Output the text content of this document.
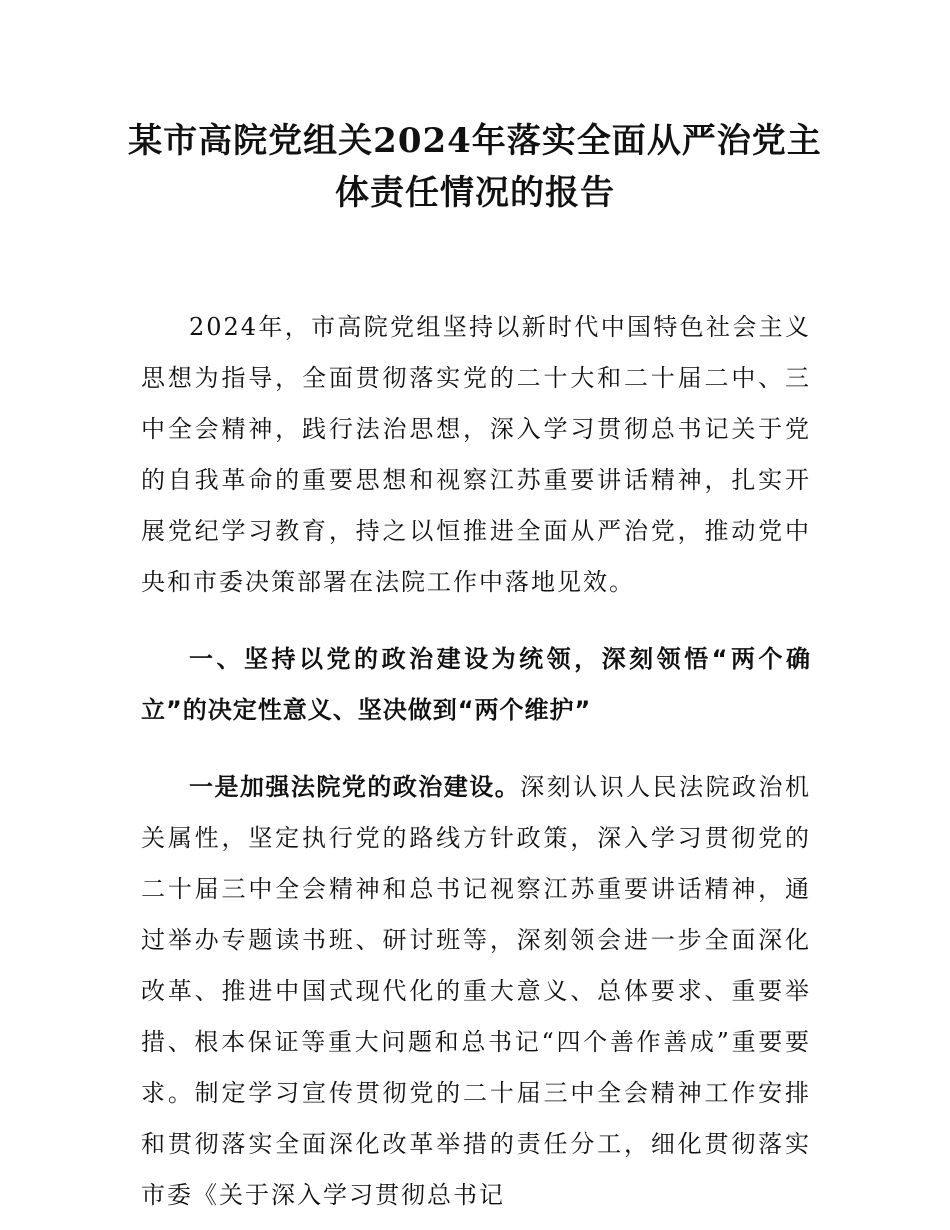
某市高院党组关2024年落实全面从严治党主
体责任情况的报告

2024年，市高院党组坚持以新时代中国特色社会主义思想为指导，全面贯彻落实党的二十大和二十届二中、三中全会精神，践行法治思想，深入学习贯彻总书记关于党的自我革命的重要思想和视察江苏重要讲话精神，扎实开展党纪学习教育，持之以恒推进全面从严治党，推动党中央和市委决策部署在法院工作中落地见效。

一、坚持以党的政治建设为统领，深刻领悟“两个确立”的决定性意义、坚决做到“两个维护”

一是加强法院党的政治建设。深刻认识人民法院政治机关属性，坚定执行党的路线方针政策，深入学习贯彻党的二十届三中全会精神和总书记视察江苏重要讲话精神，通过举办专题读书班、研讨班等，深刻领会进一步全面深化改革、推进中国式现代化的重大意义、总体要求、重要举措、根本保证等重大问题和总书记“四个善作善成”重要要求。制定学习宣传贯彻党的二十届三中全会精神工作安排和贯彻落实全面深化改革举措的责任分工，细化贯彻落实市委《关于深入学习贯彻总书记
